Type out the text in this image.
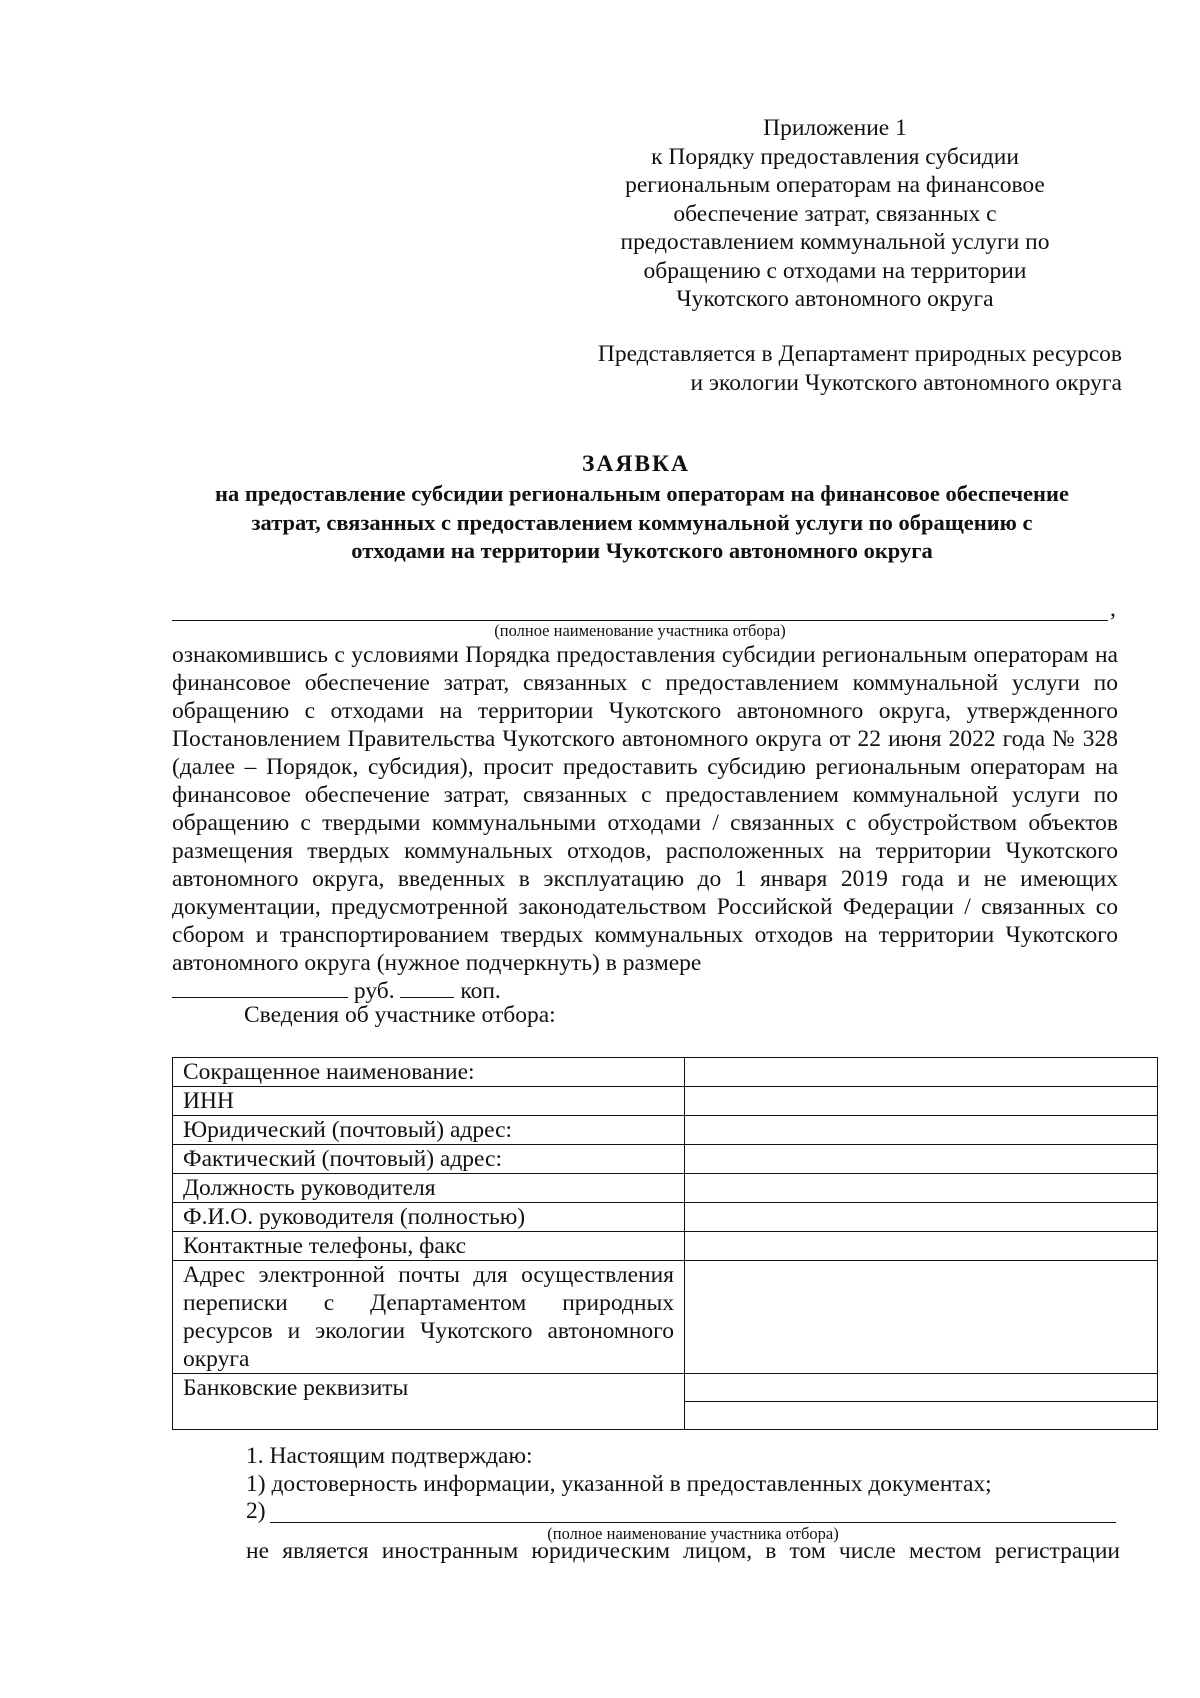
Приложение 1
к Порядку предоставления субсидии
региональным операторам на финансовое
обеспечение затрат, связанных с
предоставлением коммунальной услуги по
обращению с отходами на территории
Чукотского автономного округа
Представляется в Департамент природных ресурсов
и экологии Чукотского автономного округа
ЗАЯВКА
на предоставление субсидии региональным операторам на финансовое обеспечение
затрат, связанных с предоставлением коммунальной услуги по обращению с
отходами на территории Чукотского автономного округа
,
(полное наименование участника отбора)
ознакомившись с условиями Порядка предоставления субсидии региональным операторам на финансовое обеспечение затрат, связанных с предоставлением коммунальной услуги по обращению с отходами на территории Чукотского автономного округа, утвержденного Постановлением Правительства Чукотского автономного округа от 22 июня 2022 года № 328 (далее – Порядок, субсидия), просит предоставить субсидию региональным операторам на финансовое обеспечение затрат, связанных с предоставлением коммунальной услуги по обращению с твердыми коммунальными отходами / связанных с обустройством объектов размещения твердых коммунальных отходов, расположенных на территории Чукотского автономного округа, введенных в эксплуатацию до 1 января 2019 года и не имеющих документации, предусмотренной законодательством Российской Федерации / связанных со сбором и транспортированием твердых коммунальных отходов на территории Чукотского автономного округа (нужное подчеркнуть) в размере
руб.	коп.
Сведения об участнике отбора:
Сокращенное наименование:	
ИНН	
Юридический (почтовый) адрес:	
Фактический (почтовый) адрес:	
Должность руководителя	
Ф.И.О. руководителя (полностью)	
Контактные телефоны, факс	
Адрес электронной почты для осуществления переписки с Департаментом природных ресурсов и экологии Чукотского автономного округа	
Банковские реквизиты	
1. Настоящим подтверждаю:
1) достоверность информации, указанной в предоставленных документах;
2)
(полное наименование участника отбора)
не является иностранным юридическим лицом, в том числе местом регистрации
